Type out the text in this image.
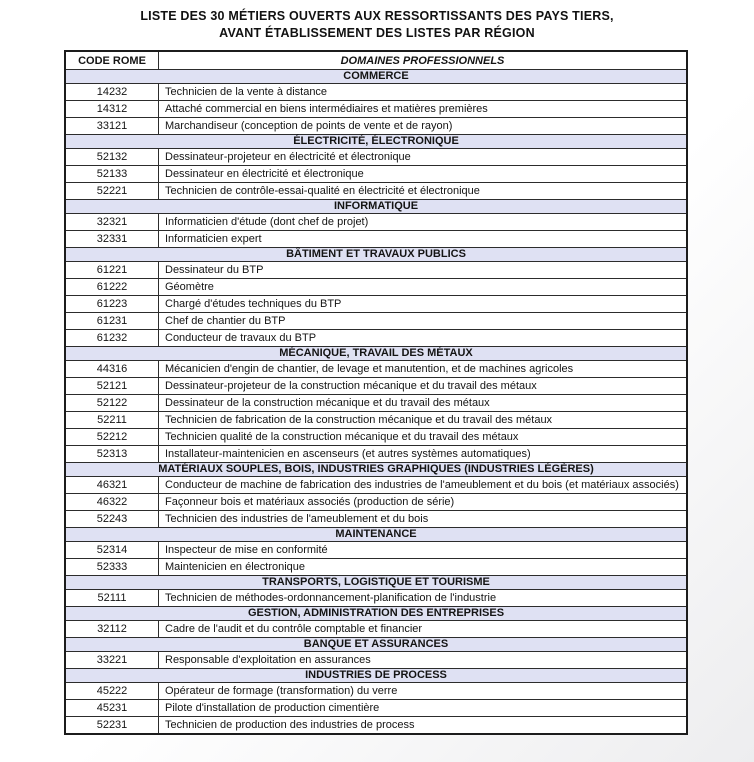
LISTE DES 30 MÉTIERS OUVERTS AUX RESSORTISSANTS DES PAYS TIERS,
AVANT ÉTABLISSEMENT DES LISTES PAR RÉGION
CODE ROME	DOMAINES PROFESSIONNELS
COMMERCE	
14232	Technicien de la vente à distance
14312	Attaché commercial en biens intermédiaires et matières premières
33121	Marchandiseur (conception de points de vente et de rayon)
ÉLECTRICITÉ, ÉLECTRONIQUE	
52132	Dessinateur-projeteur en électricité et électronique
52133	Dessinateur en électricité et électronique
52221	Technicien de contrôle-essai-qualité en électricité et électronique
INFORMATIQUE	
32321	Informaticien d'étude (dont chef de projet)
32331	Informaticien expert
BÂTIMENT ET TRAVAUX PUBLICS	
61221	Dessinateur du BTP
61222	Géomètre
61223	Chargé d'études techniques du BTP
61231	Chef de chantier du BTP
61232	Conducteur de travaux du BTP
MÉCANIQUE, TRAVAIL DES MÉTAUX	
44316	Mécanicien d'engin de chantier, de levage et manutention, et de machines agricoles
52121	Dessinateur-projeteur de la construction mécanique et du travail des métaux
52122	Dessinateur de la construction mécanique et du travail des métaux
52211	Technicien de fabrication de la construction mécanique et du travail des métaux
52212	Technicien qualité de la construction mécanique et du travail des métaux
52313	Installateur-maintenicien en ascenseurs (et autres systèmes automatiques)
MATÉRIAUX SOUPLES, BOIS, INDUSTRIES GRAPHIQUES (INDUSTRIES LÉGÈRES)	
46321	Conducteur de machine de fabrication des industries de l'ameublement et du bois (et matériaux associés)
46322	Façonneur bois et matériaux associés (production de série)
52243	Technicien des industries de l'ameublement et du bois
MAINTENANCE	
52314	Inspecteur de mise en conformité
52333	Maintenicien en électronique
TRANSPORTS, LOGISTIQUE ET TOURISME	
52111	Technicien de méthodes-ordonnancement-planification de l'industrie
GESTION, ADMINISTRATION DES ENTREPRISES	
32112	Cadre de l'audit et du contrôle comptable et financier
BANQUE ET ASSURANCES	
33221	Responsable d'exploitation en assurances
INDUSTRIES DE PROCESS	
45222	Opérateur de formage (transformation) du verre
45231	Pilote d'installation de production cimentière
52231	Technicien de production des industries de process
